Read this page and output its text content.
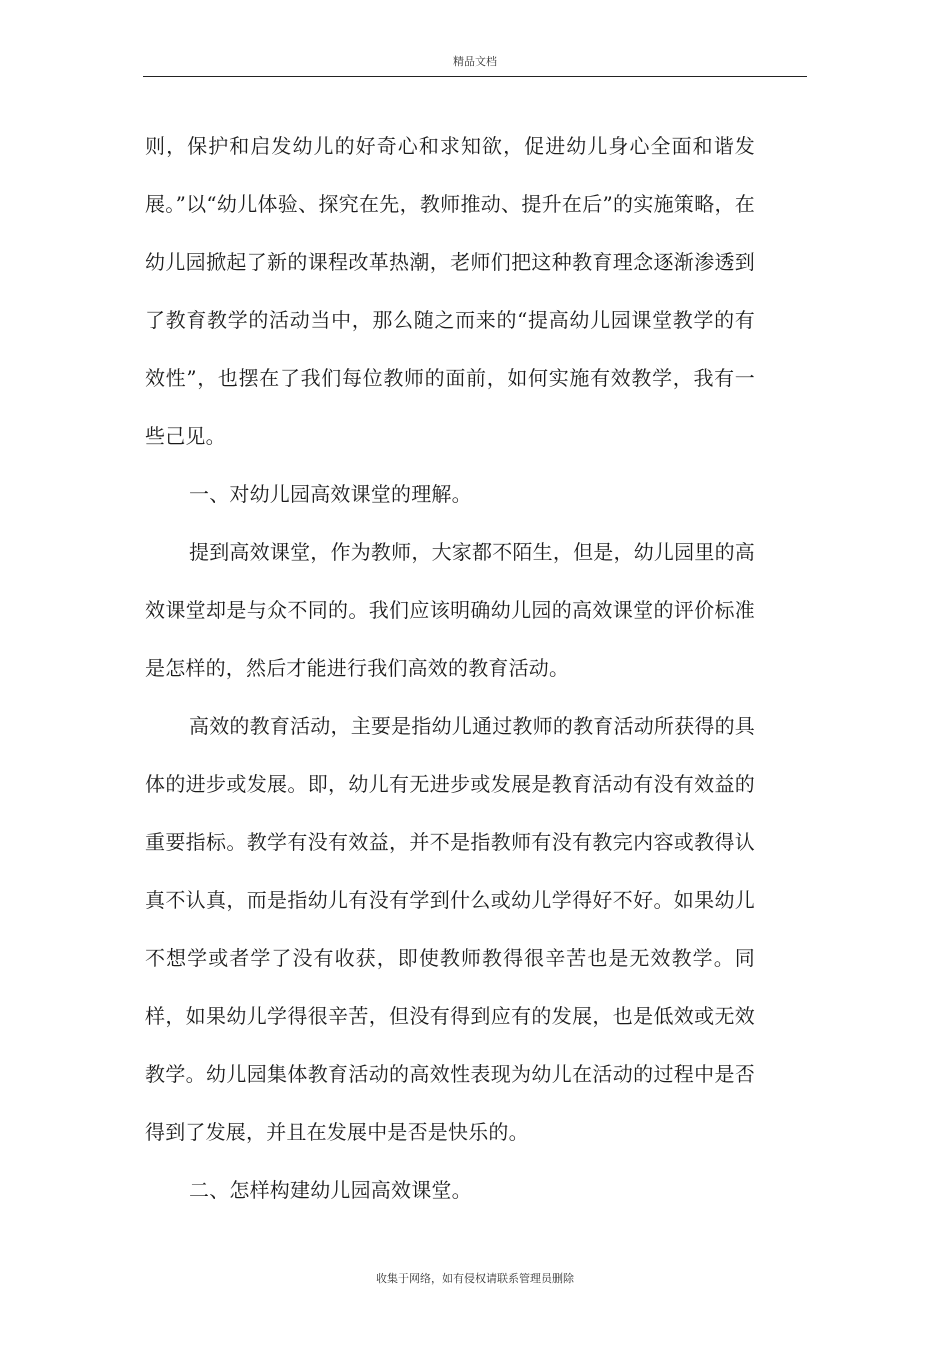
精品文档

则，保护和启发幼儿的好奇心和求知欲，促进幼儿身心全面和谐发展。”以“幼儿体验、探究在先，教师推动、提升在后”的实施策略，在幼儿园掀起了新的课程改革热潮，老师们把这种教育理念逐渐渗透到了教育教学的活动当中，那么随之而来的“提高幼儿园课堂教学的有效性”，也摆在了我们每位教师的面前，如何实施有效教学，我有一些己见。

一、对幼儿园高效课堂的理解。

提到高效课堂，作为教师，大家都不陌生，但是，幼儿园里的高效课堂却是与众不同的。我们应该明确幼儿园的高效课堂的评价标准是怎样的，然后才能进行我们高效的教育活动。

高效的教育活动，主要是指幼儿通过教师的教育活动所获得的具体的进步或发展。即，幼儿有无进步或发展是教育活动有没有效益的重要指标。教学有没有效益，并不是指教师有没有教完内容或教得认真不认真，而是指幼儿有没有学到什么或幼儿学得好不好。如果幼儿不想学或者学了没有收获，即使教师教得很辛苦也是无效教学。同样，如果幼儿学得很辛苦，但没有得到应有的发展，也是低效或无效教学。幼儿园集体教育活动的高效性表现为幼儿在活动的过程中是否得到了发展，并且在发展中是否是快乐的。

二、怎样构建幼儿园高效课堂。

收集于网络，如有侵权请联系管理员删除
